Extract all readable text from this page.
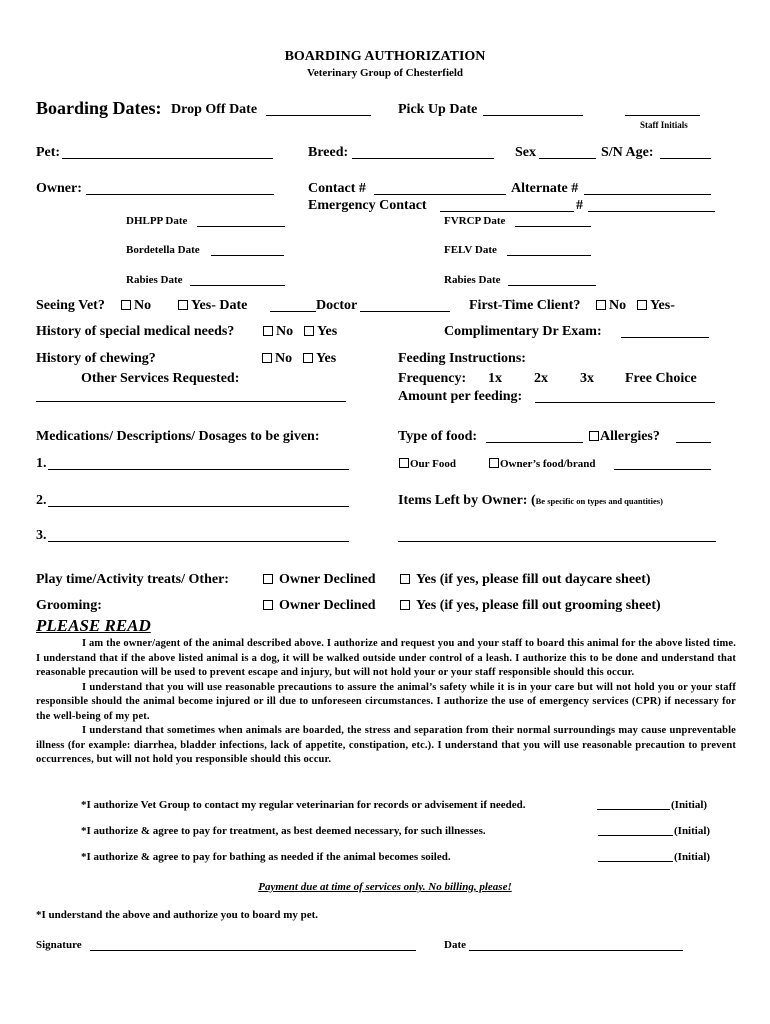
BOARDING AUTHORIZATION
Veterinary Group of Chesterfield
Boarding Dates: Drop Off Date	Pick Up Date
Staff Initials
Pet:	Breed:	Sex	S/N Age:
Owner:	Contact #	Alternate #
Emergency Contact	#
DHLPP Date	FVRCP Date
Bordetella Date	FELV Date
Rabies Date	Rabies Date
Seeing Vet?	No	Yes- Date	Doctor	First-Time Client?	No	Yes-
History of special medical needs?	No	Yes	Complimentary Dr Exam:
History of chewing?	No	Yes	Feeding Instructions:
Other Services Requested:	Frequency: 1x 2x 3x Free Choice
Amount per feeding:
Medications/ Descriptions/ Dosages to be given:	Type of food:	Allergies?
1.	Our Food	Owner’s food/brand
2.	Items Left by Owner: (Be specific on types and quantities)
3.
Play time/Activity treats/ Other:	Owner Declined	Yes (if yes, please fill out daycare sheet)
Grooming:	Owner Declined	Yes (if yes, please fill out grooming sheet)
PLEASE READ

I am the owner/agent of the animal described above. I authorize and request you and your staff to board this animal for the above listed time. I understand that if the above listed animal is a dog, it will be walked outside under control of a leash. I authorize this to be done and understand that reasonable precaution will be used to prevent escape and injury, but will not hold your or your staff responsible should this occur.

I understand that you will use reasonable precautions to assure the animal’s safety while it is in your care but will not hold you or your staff responsible should the animal become injured or ill due to unforeseen circumstances. I authorize the use of emergency services (CPR) if necessary for the well-being of my pet.

I understand that sometimes when animals are boarded, the stress and separation from their normal surroundings may cause unpreventable illness (for example: diarrhea, bladder infections, lack of appetite, constipation, etc.). I understand that you will use reasonable precaution to prevent occurrences, but will not hold you responsible should this occur.

*I authorize Vet Group to contact my regular veterinarian for records or advisement if needed.	(Initial)
*I authorize & agree to pay for treatment, as best deemed necessary, for such illnesses.	(Initial)
*I authorize & agree to pay for bathing as needed if the animal becomes soiled.	(Initial)
Payment due at time of services only. No billing, please!
*I understand the above and authorize you to board my pet.
Signature	Date
